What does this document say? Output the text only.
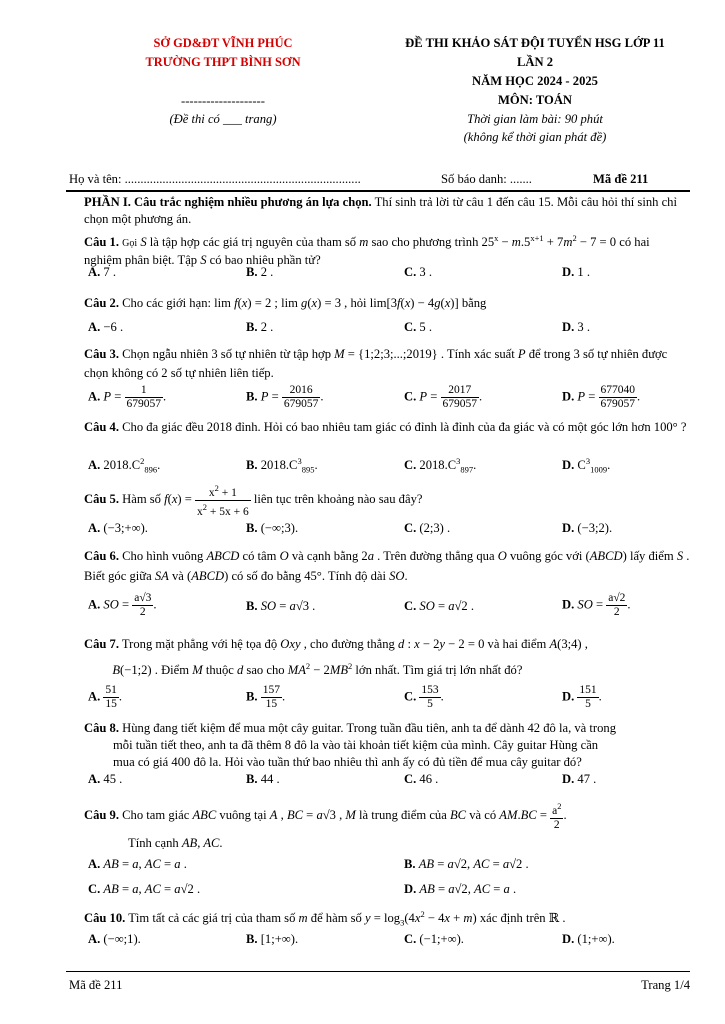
SỞ GD&ĐT VĨNH PHÚC
TRƯỜNG THPT BÌNH SƠN
--------------------
(Đề thi có ___ trang)
ĐỀ THI KHẢO SÁT ĐỘI TUYỂN HSG LỚP 11
LẦN 2
NĂM HỌC 2024 - 2025
MÔN: TOÁN
Thời gian làm bài: 90 phút
(không kể thời gian phát đề)
Họ và tên: ...........................................................................	Số báo danh: .......	Mã đề 211
PHẦN I. Câu trắc nghiệm nhiều phương án lựa chọn. Thí sinh trả lời từ câu 1 đến câu 15. Mỗi câu hỏi thí sinh chỉ chọn một phương án.
Câu 1. Gọi S là tập hợp các giá trị nguyên của tham số m sao cho phương trình $25^x - m.5^{x+1} + 7m^2 - 7 = 0$ có hai nghiệm phân biệt. Tập S có bao nhiêu phần tử?
A. 7 .	B. 2 .	C. 3 .	D. 1 .
Câu 2. Cho các giới hạn: lim f(x) = 2 ; lim g(x) = 3 , hỏi lim[3f(x) − 4g(x)] bằng
A. −6 .	B. 2 .	C. 5 .	D. 3 .
Câu 3. Chọn ngẫu nhiên 3 số tự nhiên từ tập hợp M = {1;2;3;...;2019} . Tính xác suất P để trong 3 số tự nhiên được chọn không có 2 số tự nhiên liên tiếp.
A. $P = \frac{1}{679057}$ .	B. $P = \frac{2016}{679057}$ .	C. $P = \frac{2017}{679057}$ .	D. $P = \frac{677040}{679057}$ .
Câu 4. Cho đa giác đều 2018 đỉnh. Hỏi có bao nhiêu tam giác có đỉnh là đỉnh của đa giác và có một góc lớn hơn 100° ?
A. $2018.C^2_{896}$.	B. $2018.C^3_{895}$.	C. $2018.C^3_{897}$.	D. $C^3_{1009}$.
Câu 5. Hàm số $f(x) = \frac{x^2 + 1}{x^2 + 5x + 6}$ liên tục trên khoảng nào sau đây?
A. (−3;+∞).	B. (−∞;3).	C. (2;3) .	D. (−3;2).
Câu 6. Cho hình vuông ABCD có tâm O và cạnh bằng 2a . Trên đường thẳng qua O vuông góc với (ABCD) lấy điểm S . Biết góc giữa SA và (ABCD) có số đo bằng 45°. Tính độ dài SO.
A. SO = $\frac{a√3}{2}$ .	B. SO = a√3 .	C. SO = a√2 .	D. SO = $\frac{a√2}{2}$ .
Câu 7. Trong mặt phẳng với hệ tọa độ Oxy , cho đường thẳng d : x − 2y − 2 = 0 và hai điểm A(3;4) ,
B(−1;2) . Điểm M thuộc d sao cho $MA^2 - 2MB^2$ lớn nhất. Tìm giá trị lớn nhất đó?
A. $\frac{51}{15}$ .	B. $\frac{157}{15}$ .	C. $\frac{153}{5}$ .	D. $\frac{151}{5}$ .
Câu 8. Hùng đang tiết kiệm để mua một cây guitar. Trong tuần đầu tiên, anh ta để dành 42 đô la, và trong
mỗi tuần tiết theo, anh ta đã thêm 8 đô la vào tài khoản tiết kiệm của mình. Cây guitar Hùng cần
mua có giá 400 đô la. Hỏi vào tuần thứ bao nhiêu thì anh ấy có đủ tiền để mua cây guitar đó?
A. 45 .	B. 44 .	C. 46 .	D. 47 .
Câu 9. Cho tam giác ABC vuông tại A , BC = a√3 , M là trung điểm của BC và có $AM.BC = \frac{a^2}{2}$ .
Tính cạnh AB, AC.
A. AB = a, AC = a .	B. AB = a√2, AC = a√2 .
C. AB = a, AC = a√2 .	D. AB = a√2, AC = a .
Câu 10. Tìm tất cả các giá trị của tham số m để hàm số $y = \log_3(4x^2 - 4x + m)$ xác định trên ℝ .
A. (−∞;1).	B. [1;+∞).	C. (−1;+∞).	D. (1;+∞).
Mã đề 211	Trang 1/4
